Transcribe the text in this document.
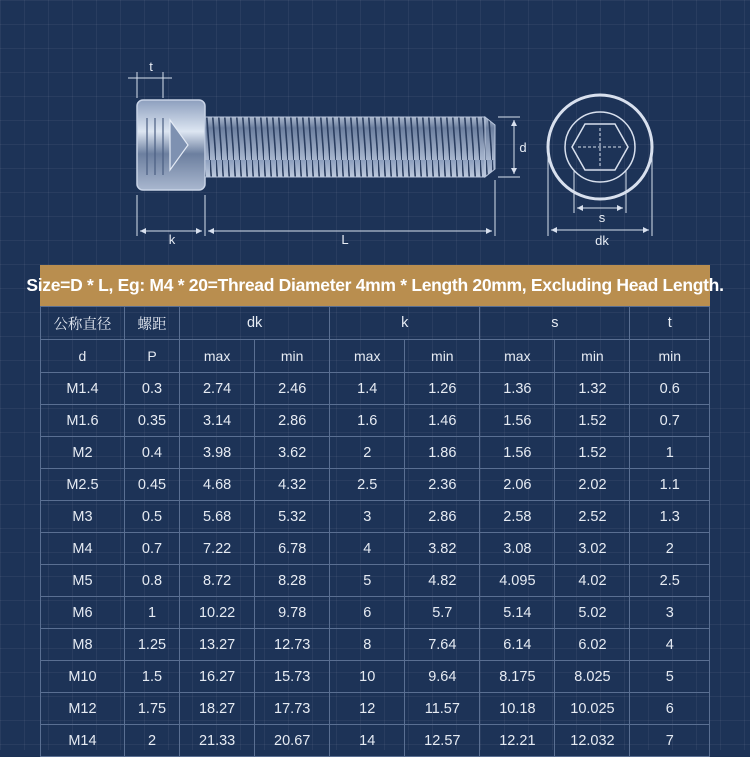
t
k	L
d
s
dk
Size=D * L, Eg: M4 * 20=Thread Diameter 4mm * Length 20mm, Excluding Head Length.
公称直径	螺距	dk		k		s		t
d	P	max	min	max	min	max	min	min
M1.4	0.3	2.74	2.46	1.4	1.26	1.36	1.32	0.6
M1.6	0.35	3.14	2.86	1.6	1.46	1.56	1.52	0.7
M2	0.4	3.98	3.62	2	1.86	1.56	1.52	1
M2.5	0.45	4.68	4.32	2.5	2.36	2.06	2.02	1.1
M3	0.5	5.68	5.32	3	2.86	2.58	2.52	1.3
M4	0.7	7.22	6.78	4	3.82	3.08	3.02	2
M5	0.8	8.72	8.28	5	4.82	4.095	4.02	2.5
M6	1	10.22	9.78	6	5.7	5.14	5.02	3
M8	1.25	13.27	12.73	8	7.64	6.14	6.02	4
M10	1.5	16.27	15.73	10	9.64	8.175	8.025	5
M12	1.75	18.27	17.73	12	11.57	10.18	10.025	6
M14	2	21.33	20.67	14	12.57	12.21	12.032	7
